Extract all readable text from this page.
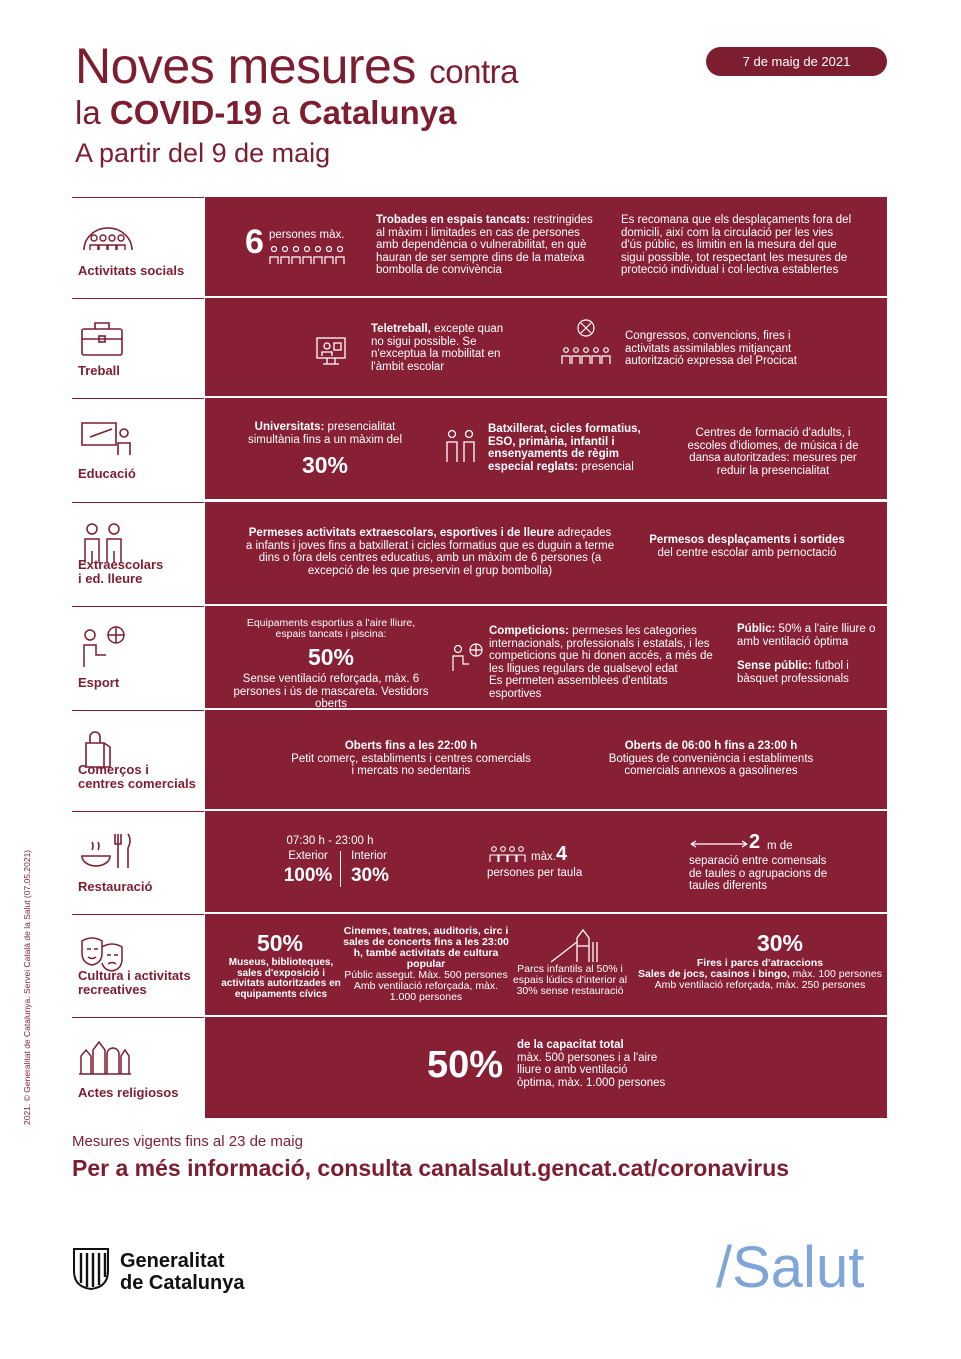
Noves mesures contra
la COVID-19 a Catalunya
A partir del 9 de maig
7 de maig de 2021
Activitats socials
6 persones màx.
Trobades en espais tancats: restringides al màxim i limitades en cas de persones amb dependència o vulnerabilitat, en què hauran de ser sempre dins de la mateixa bombolla de convivència
Es recomana que els desplaçaments fora del domicili, així com la circulació per les vies d'ús públic, es limitin en la mesura del que sigui possible, tot respectant les mesures de protecció individual i col·lectiva establertes
Treball
Teletreball, excepte quan no sigui possible. Se n'exceptua la mobilitat en l'àmbit escolar
Congressos, convencions, fires i activitats assimilables mitjançant autorització expressa del Procicat
Educació
Universitats: presencialitat simultània fins a un màxim del
30%
Batxillerat, cicles formatius, ESO, primària, infantil i ensenyaments de règim especial reglats: presencial
Centres de formació d'adults, i escoles d'idiomes, de música i de dansa autoritzades: mesures per reduir la presencialitat
Extraescolars
i ed. lleure
Permeses activitats extraescolars, esportives i de lleure adreçades a infants i joves fins a batxillerat i cicles formatius que es duguin a terme dins o fora dels centres educatius, amb un màxim de 6 persones (a excepció de les que preservin el grup bombolla)
Permesos desplaçaments i sortides
del centre escolar amb pernoctació
Esport
Equipaments esportius a l'aire lliure, espais tancats i piscina:
50%
Sense ventilació reforçada, màx. 6 persones i ús de mascareta. Vestidors oberts
Competicions: permeses les categories internacionals, professionals i estatals, i les competicions que hi donen accés, a més de les lligues regulars de qualsevol edat
Es permeten assemblees d'entitats esportives
Públic: 50% a l'aire lliure o amb ventilació òptima
Sense públic: futbol i bàsquet professionals
Comerços i
centres comercials
Oberts fins a les 22:00 h
Petit comerç, establiments i centres comercials i mercats no sedentaris
Oberts de 06:00 h fins a 23:00 h
Botigues de conveniència i establiments comercials annexos a gasolineres
Restauració
07:30 h - 23:00 h
Exterior	Interior
100% 30%
màx. 4
persones per taula
2 m de
separació entre comensals de taules o agrupacions de taules diferents
Cultura i activitats
recreatives
50%
Museus, biblioteques, sales d'exposició i activitats autoritzades en equipaments cívics
Cinemes, teatres, auditoris, circ i sales de concerts fins a les 23:00 h, també activitats de cultura popular
Públic assegut. Màx. 500 persones Amb ventilació reforçada, màx. 1.000 persones
Parcs infantils al 50% i espais lúdics d'interior al 30% sense restauració
30%
Fires i parcs d'atraccions
Sales de jocs, casinos i bingo, màx. 100 persones Amb ventilació reforçada, màx. 250 persones
Actes religiosos
50% de la capacitat total
màx. 500 persones i a l'aire lliure o amb ventilació òptima, màx. 1.000 persones
2021. © Generalitat de Catalunya. Servei Català de la Salut (07.05.2021)
Mesures vigents fins al 23 de maig
Per a més informació, consulta canalsalut.gencat.cat/coronavirus
Generalitat
de Catalunya	/Salut
